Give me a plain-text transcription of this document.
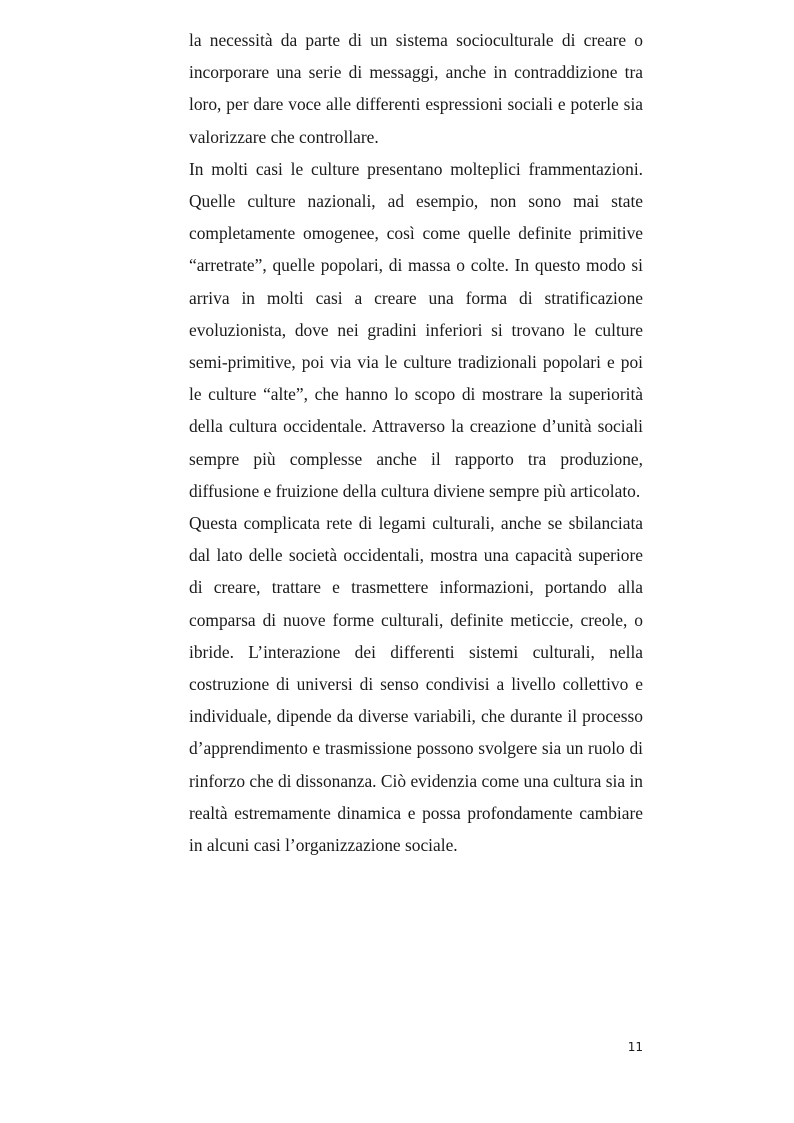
la necessità da parte di un sistema socioculturale di creare o incorporare una serie di messaggi, anche in contraddizione tra loro, per dare voce alle differenti espressioni sociali e poterle sia valorizzare che controllare.

In molti casi le culture presentano molteplici frammentazioni. Quelle culture nazionali, ad esempio, non sono mai state completamente omogenee, così come quelle definite primitive “arretrate”, quelle popolari, di massa o colte. In questo modo si arriva in molti casi a creare una forma di stratificazione evoluzionista, dove nei gradini inferiori si trovano le culture semi-primitive, poi via via le culture tradizionali popolari e poi le culture “alte”, che hanno lo scopo di mostrare la superiorità della cultura occidentale. Attraverso la creazione d’unità sociali sempre più complesse anche il rapporto tra produzione, diffusione e fruizione della cultura diviene sempre più articolato.

Questa complicata rete di legami culturali, anche se sbilanciata dal lato delle società occidentali, mostra una capacità superiore di creare, trattare e trasmettere informazioni, portando alla comparsa di nuove forme culturali, definite meticcie, creole, o ibride. L’interazione dei differenti sistemi culturali, nella costruzione di universi di senso condivisi a livello collettivo e individuale, dipende da diverse variabili, che durante il processo d’apprendimento e trasmissione possono svolgere sia un ruolo di rinforzo che di dissonanza. Ciò evidenzia come una cultura sia in realtà estremamente dinamica e possa profondamente cambiare in alcuni casi l’organizzazione sociale.

11
